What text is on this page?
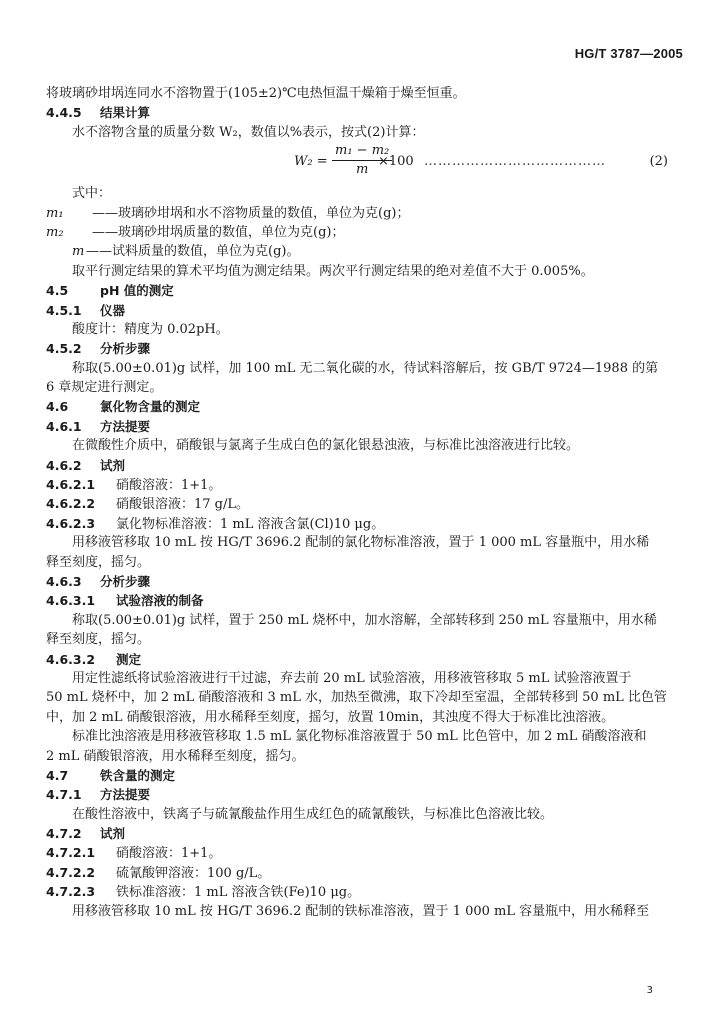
HG/T 3787—2005
将玻璃砂坩埚连同水不溶物置于(105±2)℃电热恒温干燥箱于燥至恒重。
4.4.5 结果计算
水不溶物含量的质量分数 W₂，数值以%表示，按式(2)计算：
$W_2 = \frac{\text{m₁ − m₂}}{m}$
×100 …………………………………	(2)
式中：
m₁ ——玻璃砂坩埚和水不溶物质量的数值，单位为克(g)；
m₂ ——玻璃砂坩埚质量的数值，单位为克(g)；
m ——试料质量的数值，单位为克(g)。
取平行测定结果的算术平均值为测定结果。两次平行测定结果的绝对差值不大于 0.005%。
4.5	pH 值的测定
4.5.1 仪器
酸度计：精度为 0.02pH。
4.5.2 分析步骤
称取(5.00±0.01)g 试样，加 100 mL 无二氧化碳的水，待试料溶解后，按 GB/T 9724—1988 的第
6 章规定进行测定。
4.6	氯化物含量的测定
4.6.1 方法提要
在微酸性介质中，硝酸银与氯离子生成白色的氯化银悬浊液，与标准比浊溶液进行比较。
4.6.2 试剂
4.6.2.1 硝酸溶液：1+1。
4.6.2.2 硝酸银溶液：17 g/L。
4.6.2.3 氯化物标准溶液：1 mL 溶液含氯(Cl)10 μg。
用移液管移取 10 mL 按 HG/T 3696.2 配制的氯化物标准溶液，置于 1 000 mL 容量瓶中，用水稀
释至刻度，摇匀。
4.6.3 分析步骤
4.6.3.1 试验溶液的制备
称取(5.00±0.01)g 试样，置于 250 mL 烧杯中，加水溶解，全部转移到 250 mL 容量瓶中，用水稀
释至刻度，摇匀。
4.6.3.2 测定
用定性滤纸将试验溶液进行干过滤，弃去前 20 mL 试验溶液，用移液管移取 5 mL 试验溶液置于
50 mL 烧杯中，加 2 mL 硝酸溶液和 3 mL 水，加热至微沸，取下冷却至室温，全部转移到 50 mL 比色管
中，加 2 mL 硝酸银溶液，用水稀释至刻度，摇匀，放置 10min，其浊度不得大于标准比浊溶液。
标准比浊溶液是用移液管移取 1.5 mL 氯化物标准溶液置于 50 mL 比色管中，加 2 mL 硝酸溶液和
2 mL 硝酸银溶液，用水稀释至刻度，摇匀。
4.7	铁含量的测定
4.7.1 方法提要
在酸性溶液中，铁离子与硫氰酸盐作用生成红色的硫氰酸铁，与标准比色溶液比较。
4.7.2 试剂
4.7.2.1 硝酸溶液：1+1。
4.7.2.2 硫氰酸钾溶液：100 g/L。
4.7.2.3 铁标准溶液：1 mL 溶液含铁(Fe)10 μg。
用移液管移取 10 mL 按 HG/T 3696.2 配制的铁标准溶液，置于 1 000 mL 容量瓶中，用水稀释至
3
